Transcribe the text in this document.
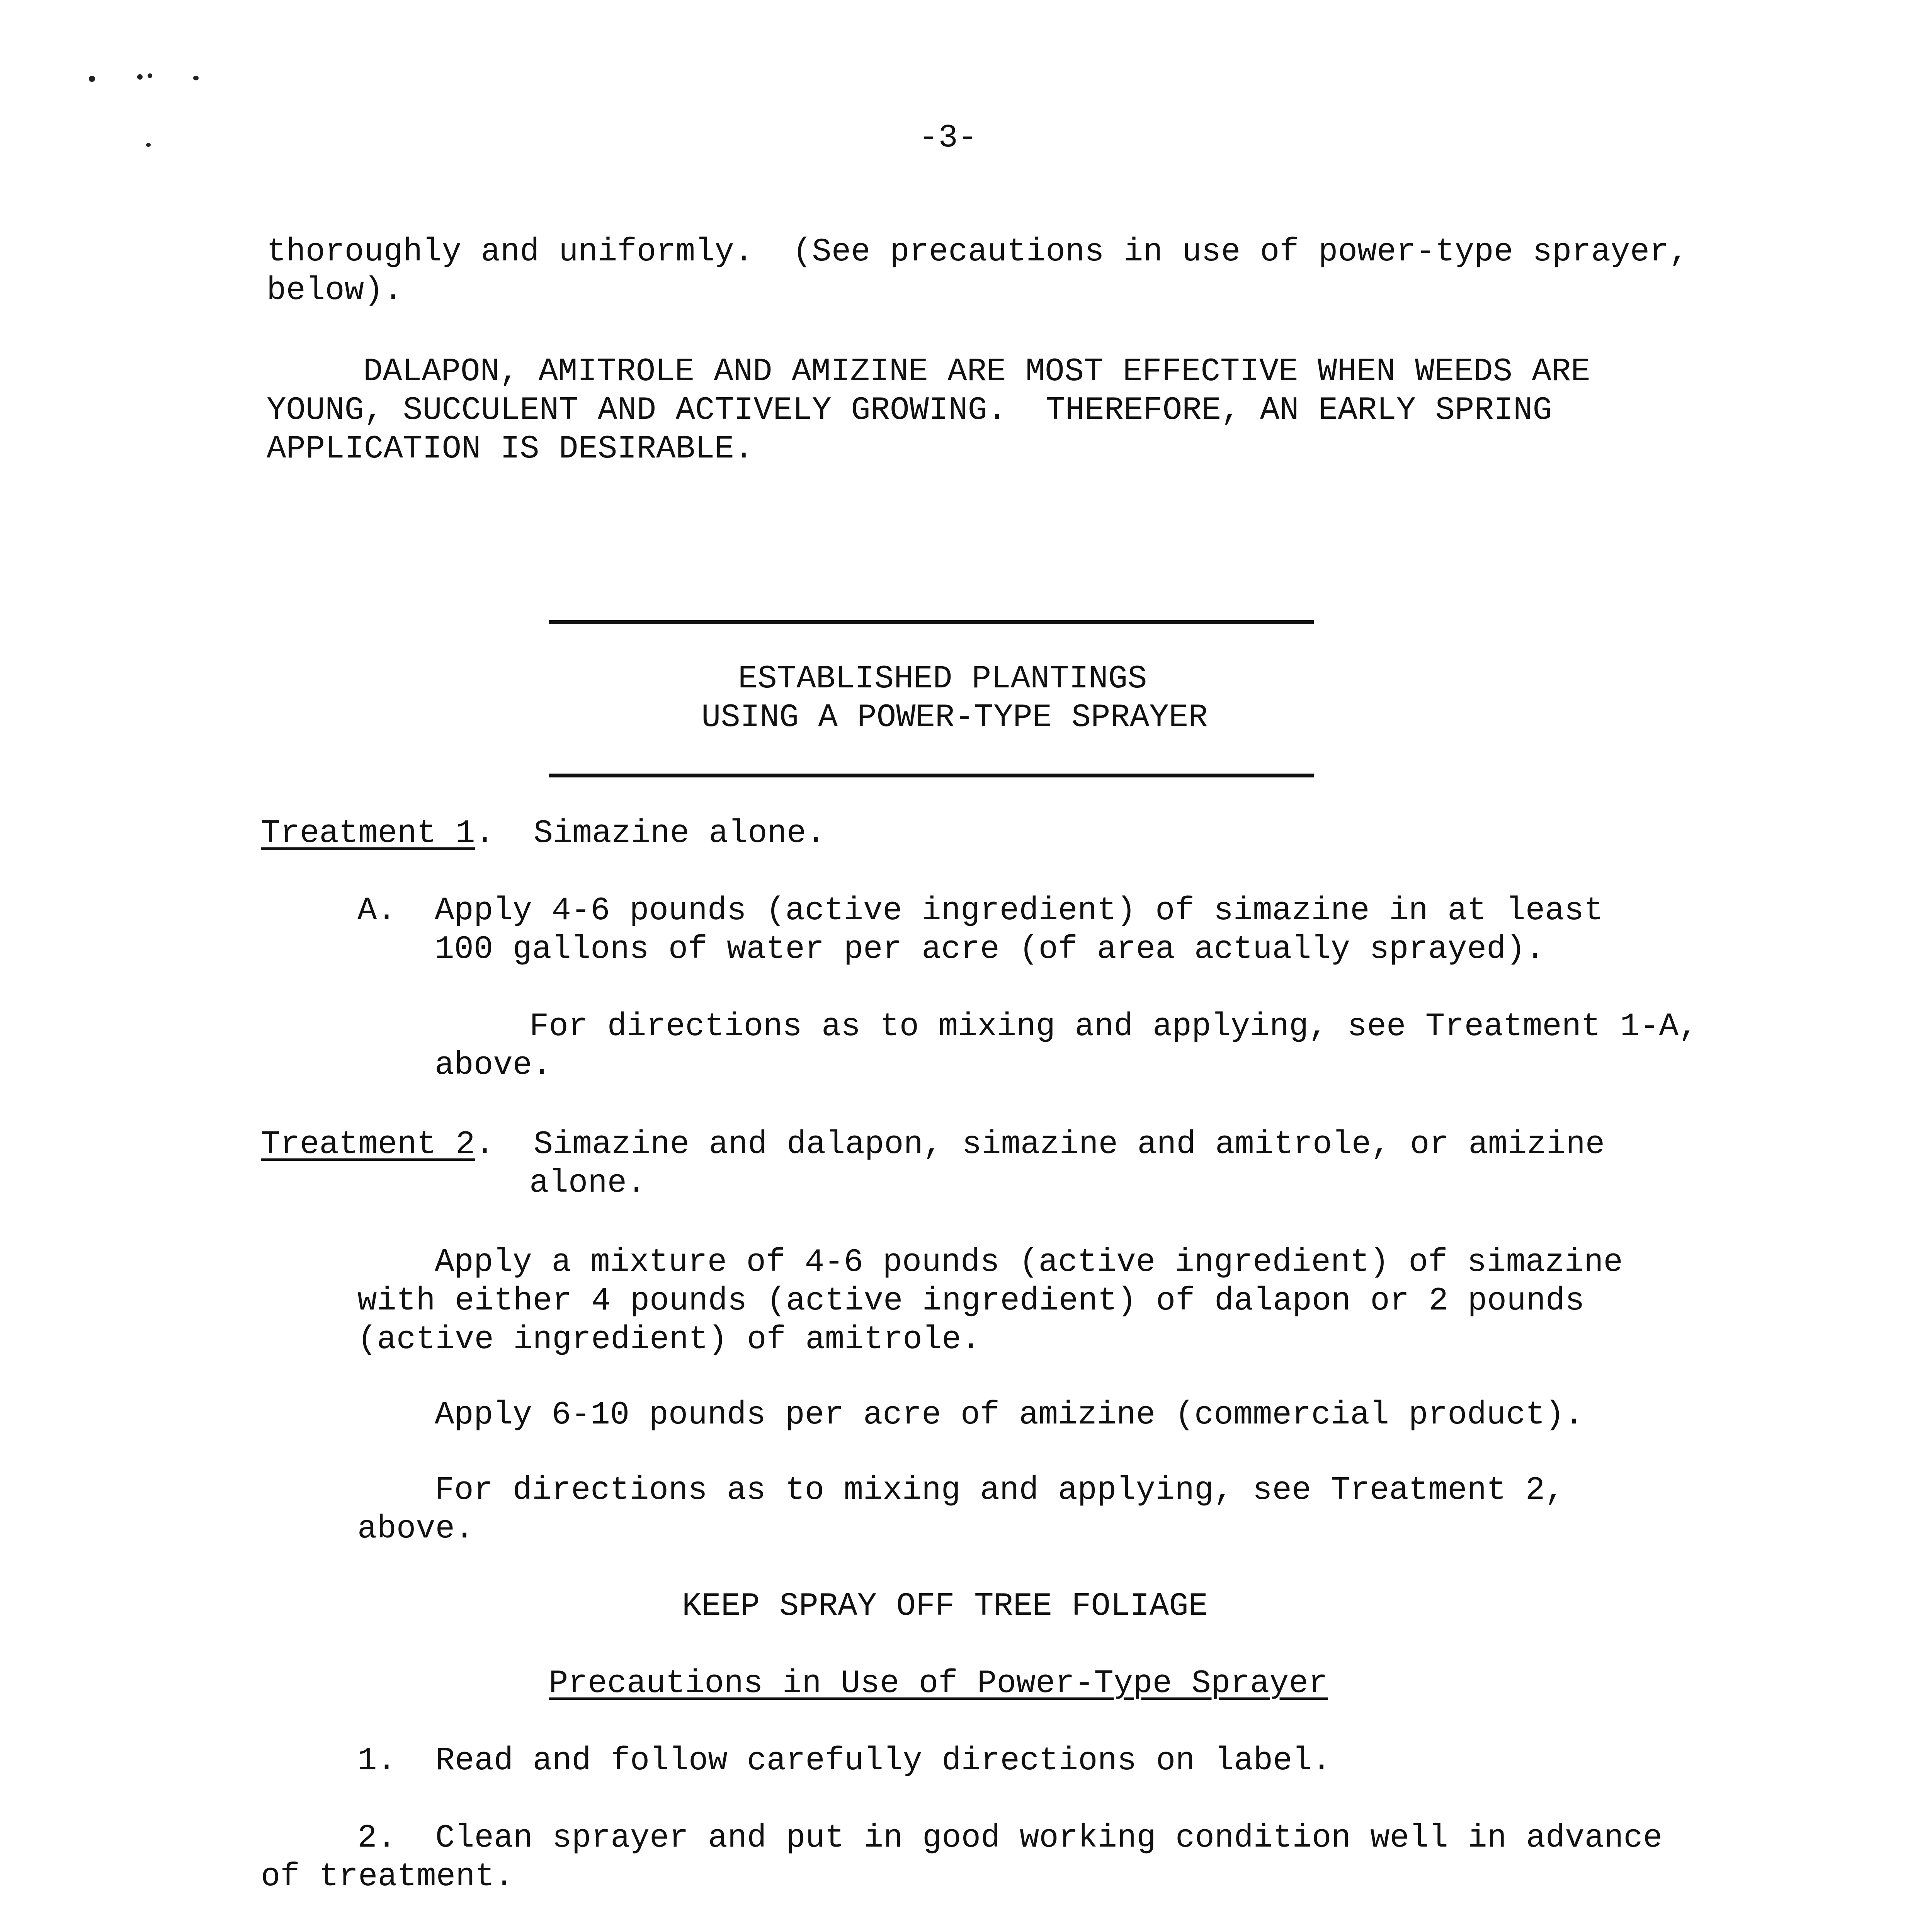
-3-

thoroughly and uniformly.  (See precautions in use of power-type sprayer,

below).

DALAPON, AMITROLE AND AMIZINE ARE MOST EFFECTIVE WHEN WEEDS ARE

YOUNG, SUCCULENT AND ACTIVELY GROWING.  THEREFORE, AN EARLY SPRING

APPLICATION IS DESIRABLE.

ESTABLISHED PLANTINGS

USING A POWER-TYPE SPRAYER

Treatment 1.  Simazine alone.

A. Apply 4-6 pounds (active ingredient) of simazine in at least

100 gallons of water per acre (of area actually sprayed).

For directions as to mixing and applying, see Treatment 1-A,

above.

Treatment 2.  Simazine and dalapon, simazine and amitrole, or amizine

alone.

Apply a mixture of 4-6 pounds (active ingredient) of simazine

with either 4 pounds (active ingredient) of dalapon or 2 pounds

(active ingredient) of amitrole.

Apply 6-10 pounds per acre of amizine (commercial product).

For directions as to mixing and applying, see Treatment 2,

above.

KEEP SPRAY OFF TREE FOLIAGE

Precautions in Use of Power-Type Sprayer

1.  Read and follow carefully directions on label.

2.  Clean sprayer and put in good working condition well in advance

of treatment.
